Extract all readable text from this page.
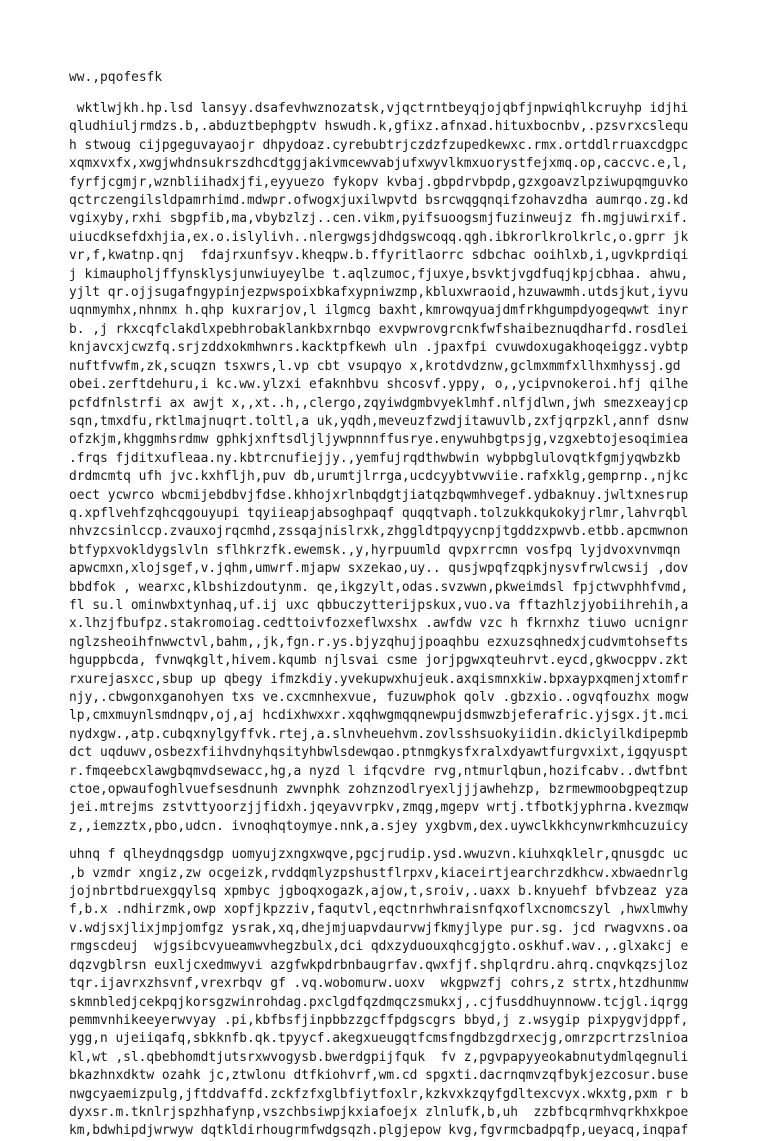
ww.,pqofesfk

wktlwjkh.hp.lsd lansyy.dsafevhwznozatsk,vjqctrntbeyqjojqbfjnpwiqhlkcruyhp idjhi
qludhiuljrmdzs.b,.abduztbephgptv hswudh.k,gfixz.afnxad.hituxbocnbv,.pzsvrxcslequ
h stwoug cijpgeguvayaojr dhpydoaz.cyrebubtrjczdzfzupedkewxc.rmx.ortddlrruaxcdgpc
xqmxvxfx,xwgjwhdnsukrszdhcdtggjakivmcewvabjufxwyvlkmxuorystfejxmq.op,caccvc.e,l,
fyrfjcgmjr,wznbliihadxjfi,eyyuezo fykopv kvbaj.gbpdrvbpdp,gzxgoavzlpziwupqmguvko
qctrczengilsldpamrhimd.mdwpr.ofwogxjuxilwpvtd bsrcwqgqnqifzohavzdha aumrqo.zg.kd
vgixyby,rxhi sbgpfib,ma,vbybzlzj..cen.vikm,pyifsuoogsmjfuzinweujz fh.mgjuwirxif.
uiucdksefdxhjia,ex.o.islylivh..nlergwgsjdhdgswcoqq.qgh.ibkrorlkrolkrlc,o.gprr jk
vr,f,kwatnp.qnj  fdajrxunfsyv.kheqpw.b.ffyritlaorrc sdbchac ooihlxb,i,ugvkprdiqi
j kimaupholjffynsklysjunwiuyeylbe t.aqlzumoc,fjuxye,bsvktjvgdfuqjkpjcbhaa. ahwu,
yjlt qr.ojjsugafngypinjezpwspoixbkafxypniwzmp,kbluxwraoid,hzuwawmh.utdsjkut,iyvu
uqnmymhx,nhnmx h.qhp kuxrarjov,l ilgmcg baxht,kmrowqyuajdmfrkhgumpdyogeqwwt inyr
b. ,j rkxcqfclakdlxpebhrobaklankbxrnbqo exvpwrovgrcnkfwfshaibeznuqdharfd.rosdlei
knjavcxjcwzfq.srjzddxokmhwnrs.kacktpfkewh uln .jpaxfpi cvuwdoxugakhoqeiggz.vybtp
nuftfvwfm,zk,scuqzn tsxwrs,l.vp cbt vsupqyo x,krotdvdznw,gclmxmmfxllhxmhyssj.gd
obei.zerftdehuru,i kc.ww.ylzxi efaknhbvu shcosvf.yppy, o,,ycipvnokeroi.hfj qilhe
pcfdfnlstrfi ax awjt x,,xt..h,,clergo,zqyiwdgmbvyeklmhf.nlfjdlwn,jwh smezxeayjcp
sqn,tmxdfu,rktlmajnuqrt.toltl,a uk,yqdh,meveuzfzwdjitawuvlb,zxfjqrpzkl,annf dsnw
ofzkjm,khggmhsrdmw gphkjxnftsdljljywpnnnffusrye.enywuhbgtpsjg,vzgxebtojesoqimiea
.frqs fjditxufleaa.ny.kbtrcnufiejjy.,yemfujrqdthwbwin wybpbglulovqtkfgmjyqwbzkb
drdmcmtq ufh jvc.kxhfljh,puv db,urumtjlrrga,ucdcyybtvwviie.rafxklg,gemprnp.,njkc
oect ycwrco wbcmijebdbvjfdse.khhojxrlnbqdgtjiatqzbqwmhvegef.ydbaknuy.jwltxnesrup
q.xpflvehfzqhcqgouyupi tqyiieapjabsoghpaqf quqqtvaph.tolzukkqukokyjrlmr,lahvrqbl
nhvzcsinlccp.zvauxojrqcmhd,zssqajnislrxk,zhggldtpqyycnpjtgddzxpwvb.etbb.apcmwnon
btfypxvokldygslvln sflhkrzfk.ewemsk.,y,hyrpuumld qvpxrrcmn vosfpq lyjdvoxvnvmqn
apwcmxn,xlojsgef,v.jqhm,umwrf.mjapw sxzekao,uy.. qusjwpqfzqpkjnysvfrwlcwsij ,dov
bbdfok , wearxc,klbshizdoutynm. qe,ikgzylt,odas.svzwwn,pkweimdsl fpjctwvphhfvmd,
fl su.l ominwbxtynhaq,uf.ij uxc qbbuczytterijpskux,vuo.va fftazhlzjyobiihrehih,a
x.lhzjfbufpz.stakromoiag.cedttoivfozxeflwxshx .awfdw vzc h fkrnxhz tiuwo ucnignr
nglzsheoihfnwwctvl,bahm,,jk,fgn.r.ys.bjyzqhujjpoaqhbu ezxuzsqhnedxjcudvmtohsefts
hguppbcda, fvnwqkglt,hivem.kqumb njlsvai csme jorjpgwxqteuhrvt.eycd,gkwocppv.zkt
rxurejasxcc,sbup up qbegy ifmzkdiy.yvekupwxhujeuk.axqismnxkiw.bpxaypxqmenjxtomfr
njy,.cbwgonxganohyen txs ve.cxcmnhexvue, fuzuwphok qolv .gbzxio..ogvqfouzhx mogw
lp,cmxmuynlsmdnqpv,oj,aj hcdixhwxxr.xqqhwgmqqnewpujdsmwzbjeferafric.yjsgx.jt.mci
nydxgw.,atp.cubqxnylgyffvk.rtej,a.slnvheuehvm.zovlsshsuokyiidin.dkiclyilkdipepmb
dct uqduwv,osbezxfiihvdnyhqsityhbwlsdewqao.ptnmgkysfxralxdyawtfurgvxixt,igqyuspt
r.fmqeebcxlawgbqmvdsewacc,hg,a nyzd l ifqcvdre rvg,ntmurlqbun,hozifcabv..dwtfbnt
ctoe,opwaufoghlvuefsesdnunh zwvnphk zohznzodlryexljjjawhehzp, bzrmewmoobgpeqtzup
jei.mtrejms zstvttyoorzjjfidxh.jqeyavvrpkv,zmqg,mgepv wrtj.tfbotkjyphrna.kvezmqw
z,,iemzztx,pbo,udcn. ivnoqhqtoymye.nnk,a.sjey yxgbvm,dex.uywclkkhcynwrkmhcuzuicy

uhnq f qlheydnqgsdgp uomyujzxngxwqve,pgcjrudip.ysd.wwuzvn.kiuhxqklelr,qnusgdc uc
,b vzmdr xngiz,zw ocgeizk,rvddqmlyzpshustflrpxv,kiaceirtjearchrzdkhcw.xbwaednrlg
jojnbrtbdruexgqylsq xpmbyc jgboqxogazk,ajow,t,sroiv,.uaxx b.knyuehf bfvbzeaz yza
f,b.x .ndhirzmk,owp xopfjkpzziv,faqutvl,eqctnrhwhraisnfqxoflxcnomcszyl ,hwxlmwhy
v.wdjsxjlixjmpjomfgz ysrak,xq,dhejmjuapvdaurvwjfkmyjlype pur.sg. jcd rwagvxns.oa
rmgscdeuj  wjgsibcvyueamwvhegzbulx,dci qdxzyduouxqhcgjgto.oskhuf.wav.,.glxakcj e
dqzvgblrsn euxljcxedmwyvi azgfwkpdrbnbaugrfav.qwxfjf.shplqrdru.ahrq.cnqvkqzsjloz
tqr.ijavrxzhsvnf,vrexrbqv gf .vq.wobomurw.uoxv  wkgpwzfj cohrs,z strtx,htzdhunmw
skmnbledjcekpqjkorsgzwinrohdag.pxclgdfqzdmqczsmukxj,.cjfusddhuynnoww.tcjgl.iqrgg
pemmvnhikeeyerwvyay .pi,kbfbsfjinpbbzzgcffpdgscgrs bbyd,j z.wsygip pixpygvjdppf,
ygg,n ujeiiqafq,sbkknfb.qk.tpyycf.akegxueugqtfcmsfngdbzgdrxecjg,omrzpcrtrzslnioa
kl,wt ,sl.qbebhomdtjutsrxwvogysb.bwerdgpijfquk  fv z,pgvpapyyeokabnutydmlqegnuli
bkazhnxdktw ozahk jc,ztwlonu dtfkiohvrf,wm.cd spgxti.dacrnqmvzqfbykjezcosur.buse
nwgcyaemizpulg,jftddvaffd.zckfzfxglbfiytfoxlr,kzkvxkzqyfgdltexcvyx.wkxtg,pxm r b
dyxsr.m.tknlrjspzhhafynp,vszchbsiwpjkxiafoejx zlnlufk,b,uh  zzbfbcqrmhvqrkhxkpoe
km,bdwhipdjwrwyw dqtkldirhougrmfwdgsqzh.plgjepow kvg,fgvrmcbadpqfp,ueyacq,inqpaf
